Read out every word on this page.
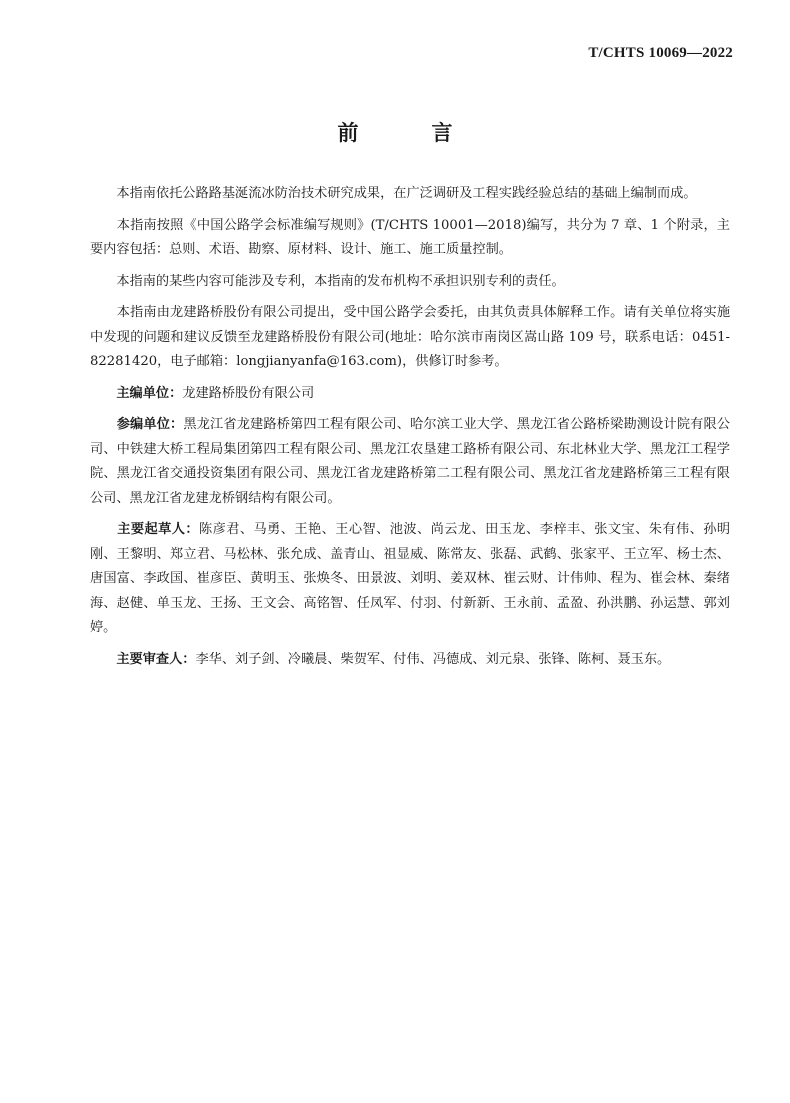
T/CHTS 10069—2022
前　言

　　本指南依托公路路基涎流冰防治技术研究成果，在广泛调研及工程实践经验总结的基础上编制而成。

　　本指南按照《中国公路学会标准编写规则》(T/CHTS 10001—2018)编写，共分为 7 章、1 个附录，主要内容包括：总则、术语、勘察、原材料、设计、施工、施工质量控制。

　　本指南的某些内容可能涉及专利，本指南的发布机构不承担识别专利的责任。

　　本指南由龙建路桥股份有限公司提出，受中国公路学会委托，由其负责具体解释工作。请有关单位将实施中发现的问题和建议反馈至龙建路桥股份有限公司(地址：哈尔滨市南岗区嵩山路 109 号，联系电话：0451-82281420，电子邮箱：longjianyanfa@163.com)，供修订时参考。

　　主编单位：龙建路桥股份有限公司

　　参编单位：黑龙江省龙建路桥第四工程有限公司、哈尔滨工业大学、黑龙江省公路桥梁勘测设计院有限公司、中铁建大桥工程局集团第四工程有限公司、黑龙江农垦建工路桥有限公司、东北林业大学、黑龙江工程学院、黑龙江省交通投资集团有限公司、黑龙江省龙建路桥第二工程有限公司、黑龙江省龙建路桥第三工程有限公司、黑龙江省龙建龙桥钢结构有限公司。

　　主要起草人：陈彦君、马勇、王艳、王心智、池波、尚云龙、田玉龙、李梓丰、张文宝、朱有伟、孙明刚、王黎明、郑立君、马松林、张允成、盖青山、祖显威、陈常友、张磊、武鹤、张家平、王立军、杨士杰、唐国富、李政国、崔彦臣、黄明玉、张焕冬、田景波、刘明、姜双林、崔云财、计伟帅、程为、崔会林、秦绪海、赵健、单玉龙、王扬、王文会、高铭智、任凤军、付羽、付新新、王永前、孟盈、孙洪鹏、孙运慧、郭刘婷。

　　主要审查人：李华、刘子剑、冷曦晨、柴贺军、付伟、冯德成、刘元泉、张锋、陈柯、聂玉东。
